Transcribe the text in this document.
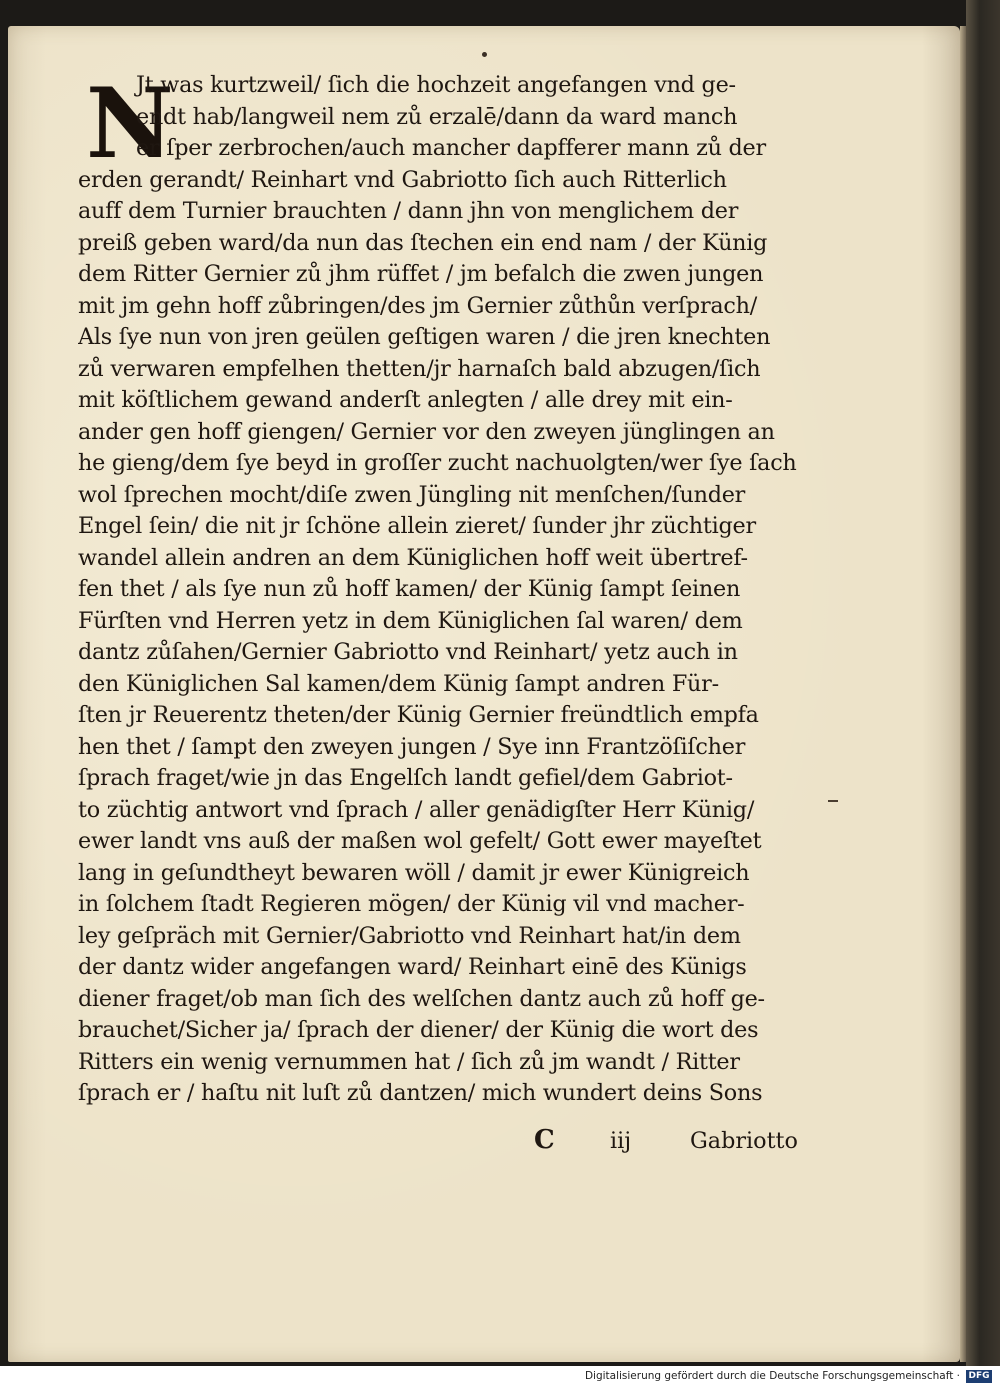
N
Jt was kurtzweil/ ſich die hochzeit angefangen vnd ge-
endt hab/langweil nem zů erzalē/dann da ward manch
er ſper zerbrochen/auch mancher dapfferer mann zů der
erden gerandt/ Reinhart vnd Gabriotto ſich auch Ritterlich
auff dem Turnier brauchten / dann jhn von menglichem der
preiß geben ward/da nun das ſtechen ein end nam / der Künig
dem Ritter Gernier zů jhm rüffet / jm befalch die zwen jungen
mit jm gehn hoff zůbringen/des jm Gernier zůthůn verſprach/
Als ſye nun von jren geülen geſtigen waren / die jren knechten
zů verwaren empfelhen thetten/jr harnaſch bald abzugen/ſich
mit köſtlichem gewand anderſt anlegten / alle drey mit ein-
ander gen hoff giengen/ Gernier vor den zweyen jünglingen an
he gieng/dem ſye beyd in groſſer zucht nachuolgten/wer ſye ſach
wol ſprechen mocht/diſe zwen Jüngling nit menſchen/ſunder
Engel ſein/ die nit jr ſchöne allein zieret/ ſunder jhr züchtiger
wandel allein andren an dem Küniglichen hoff weit übertref-
fen thet / als ſye nun zů hoff kamen/ der Künig ſampt ſeinen
Fürſten vnd Herren yetz in dem Küniglichen ſal waren/ dem
dantz zůſahen/Gernier Gabriotto vnd Reinhart/ yetz auch in
den Küniglichen Sal kamen/dem Künig ſampt andren Für-
ſten jr Reuerentz theten/der Künig Gernier freündtlich empfa
hen thet / ſampt den zweyen jungen / Sye inn Frantzöſiſcher
ſprach fraget/wie jn das Engelſch landt gefiel/dem Gabriot-
to züchtig antwort vnd ſprach / aller genädigſter Herr Künig/
ewer landt vns auß der maßen wol gefelt/ Gott ewer mayeſtet
lang in geſundtheyt bewaren wöll / damit jr ewer Künigreich
in ſolchem ſtadt Regieren mögen/ der Künig vil vnd macher-
ley geſpräch mit Gernier/Gabriotto vnd Reinhart hat/in dem
der dantz wider angefangen ward/ Reinhart einē des Künigs
diener fraget/ob man ſich des welſchen dantz auch zů hoff ge-
brauchet/Sicher ja/ ſprach der diener/ der Künig die wort des
Ritters ein wenig vernummen hat / ſich zů jm wandt / Ritter
ſprach er / haſtu nit luſt zů dantzen/ mich wundert deins Sons
C iij	Gabriotto
Digitalisierung gefördert durch die Deutsche Forschungsgemeinschaft · DFG
